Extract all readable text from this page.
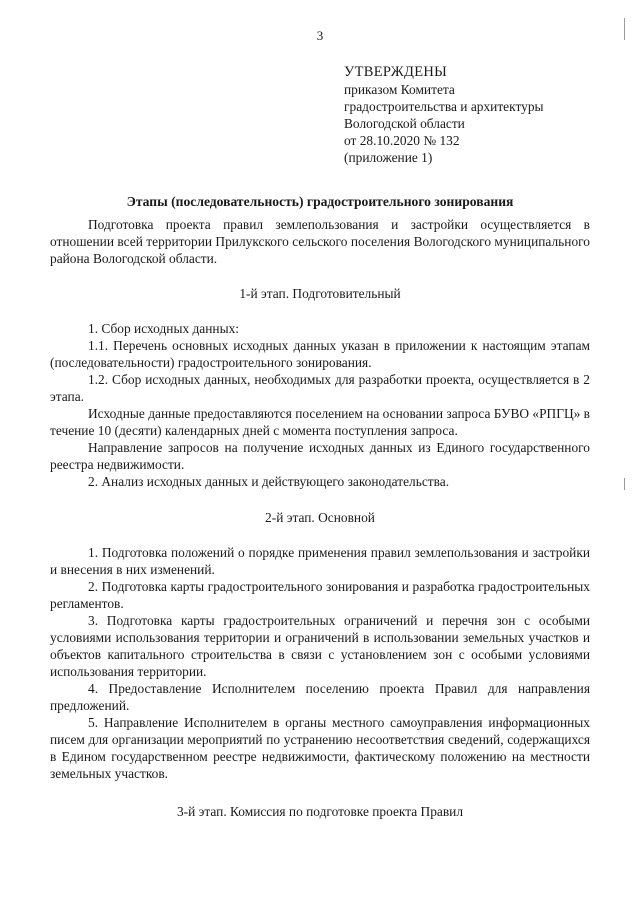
3
УТВЕРЖДЕНЫ
приказом Комитета
градостроительства и архитектуры
Вологодской области
от 28.10.2020 № 132
(приложение 1)
Этапы (последовательность) градостроительного зонирования

Подготовка проекта правил землепользования и застройки осуществляется в отношении всей территории Прилукского сельского поселения Вологодского муниципального района Вологодской области.

1-й этап. Подготовительный

1. Сбор исходных данных:

1.1. Перечень основных исходных данных указан в приложении к настоящим этапам (последовательности) градостроительного зонирования.

1.2. Сбор исходных данных, необходимых для разработки проекта, осуществляется в 2 этапа.

Исходные данные предоставляются поселением на основании запроса БУВО «РПГЦ» в течение 10 (десяти) календарных дней с момента поступления запроса.

Направление запросов на получение исходных данных из Единого государственного реестра недвижимости.

2. Анализ исходных данных и действующего законодательства.

2-й этап. Основной

1. Подготовка положений о порядке применения правил землепользования и застройки и внесения в них изменений.

2. Подготовка карты градостроительного зонирования и разработка градостроительных регламентов.

3. Подготовка карты градостроительных ограничений и перечня зон с особыми условиями использования территории и ограничений в использовании земельных участков и объектов капитального строительства в связи с установлением зон с особыми условиями использования территории.

4. Предоставление Исполнителем поселению проекта Правил для направления предложений.

5. Направление Исполнителем в органы местного самоуправления информационных писем для организации мероприятий по устранению несоответствия сведений, содержащихся в Едином государственном реестре недвижимости, фактическому положению на местности земельных участков.

3-й этап. Комиссия по подготовке проекта Правил
